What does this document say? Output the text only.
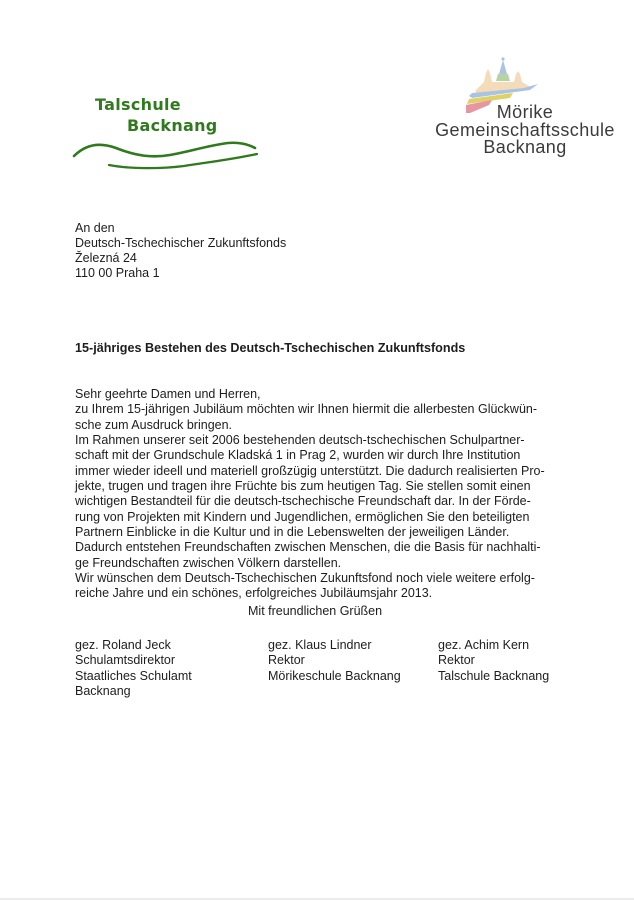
Talschule
Backnang
Mörike
Gemeinschaftsschule
Backnang
An den
Deutsch-Tschechischer Zukunftsfonds
Železná 24
110 00 Praha 1
15-jähriges Bestehen des Deutsch-Tschechischen Zukunftsfonds
Sehr geehrte Damen und Herren,
zu Ihrem 15-jährigen Jubiläum möchten wir Ihnen hiermit die allerbesten Glückwün-
sche zum Ausdruck bringen.
Im Rahmen unserer seit 2006 bestehenden deutsch-tschechischen Schulpartner-
schaft mit der Grundschule Kladská 1 in Prag 2, wurden wir durch Ihre Institution
immer wieder ideell und materiell großzügig unterstützt. Die dadurch realisierten Pro-
jekte, trugen und tragen ihre Früchte bis zum heutigen Tag. Sie stellen somit einen
wichtigen Bestandteil für die deutsch-tschechische Freundschaft dar. In der Förde-
rung von Projekten mit Kindern und Jugendlichen, ermöglichen Sie den beteiligten
Partnern Einblicke in die Kultur und in die Lebenswelten der jeweiligen Länder.
Dadurch entstehen Freundschaften zwischen Menschen, die die Basis für nachhalti-
ge Freundschaften zwischen Völkern darstellen.
Wir wünschen dem Deutsch-Tschechischen Zukunftsfond noch viele weitere erfolg-
reiche Jahre und ein schönes, erfolgreiches Jubiläumsjahr 2013.
Mit freundlichen Grüßen
gez. Roland Jeck
Schulamtsdirektor
Staatliches Schulamt
Backnang
gez. Klaus Lindner
Rektor
Mörikeschule Backnang
gez. Achim Kern
Rektor
Talschule Backnang
